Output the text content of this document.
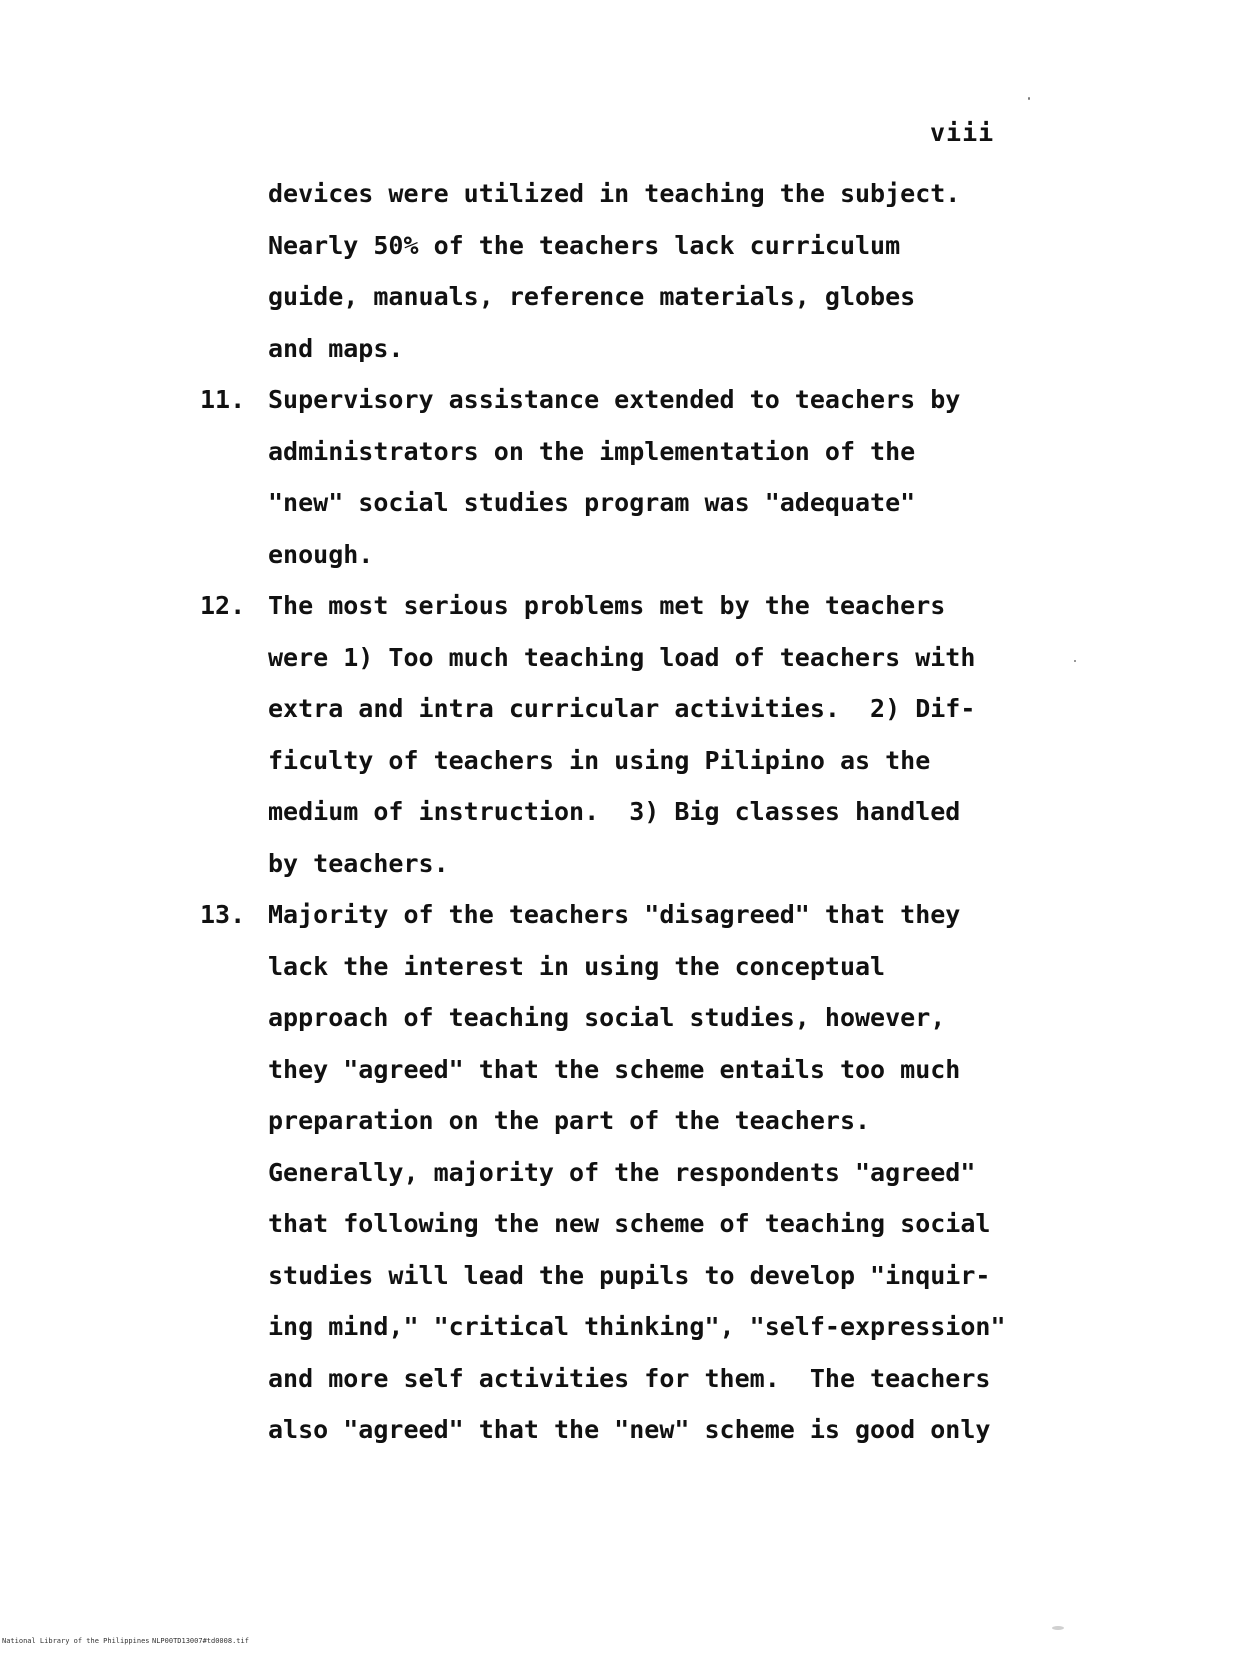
viii
devices were utilized in teaching the subject.
Nearly 50% of the teachers lack curriculum
guide, manuals, reference materials, globes
and maps.
11. Supervisory assistance extended to teachers by
administrators on the implementation of the
"new" social studies program was "adequate"
enough.
12. The most serious problems met by the teachers
were 1) Too much teaching load of teachers with
extra and intra curricular activities.  2) Dif-
ficulty of teachers in using Pilipino as the
medium of instruction.  3) Big classes handled
by teachers.
13. Majority of the teachers "disagreed" that they
lack the interest in using the conceptual
approach of teaching social studies, however,
they "agreed" that the scheme entails too much
preparation on the part of the teachers.
Generally, majority of the respondents "agreed"
that following the new scheme of teaching social
studies will lead the pupils to develop "inquir-
ing mind," "critical thinking", "self-expression"
and more self activities for them.  The teachers
also "agreed" that the "new" scheme is good only
National Library of the Philippines NLP00TD13007#td0008.tif
